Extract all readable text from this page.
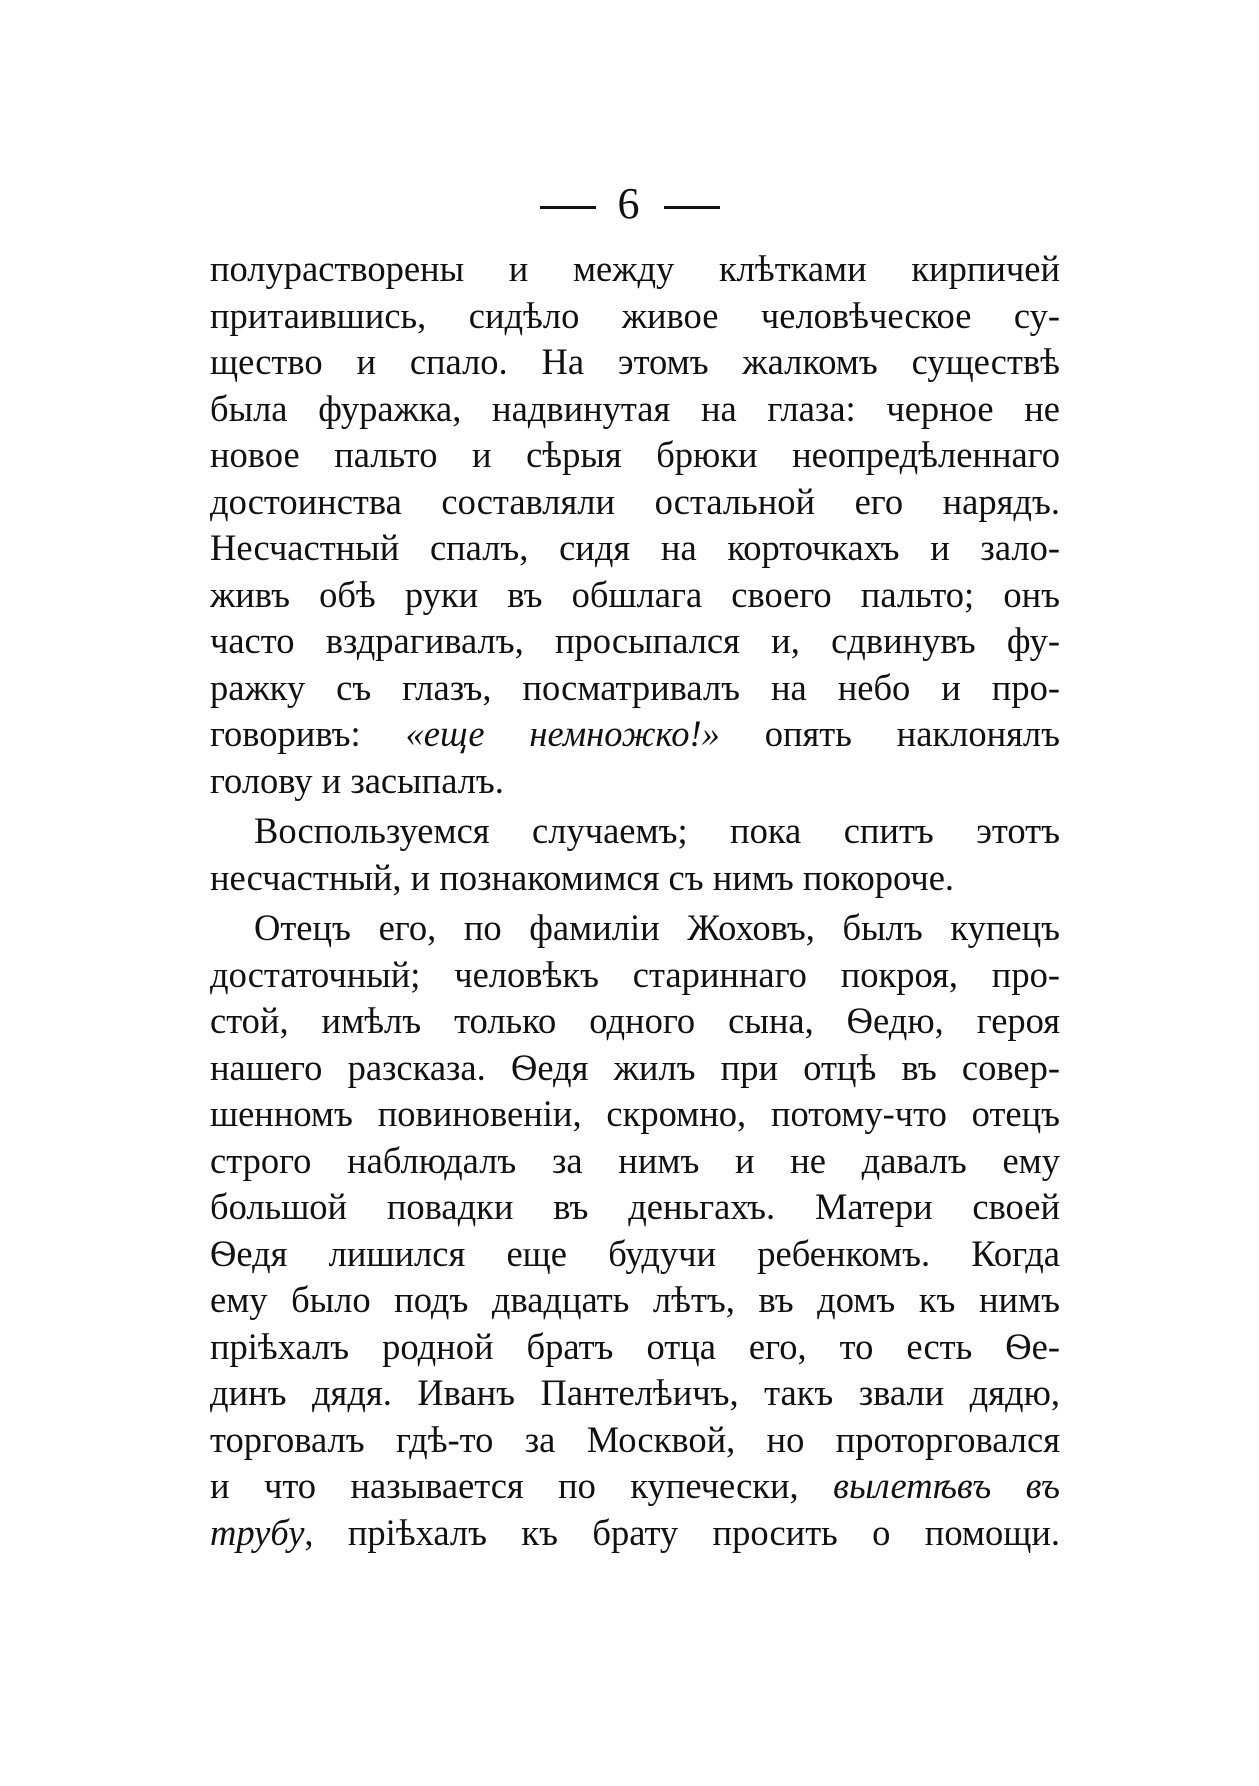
6
полурастворены и между клѣтками кирпичей
притаившись, сидѣло живое человѣческое су-
щество и спало. На этомъ жалкомъ существѣ
была фуражка, надвинутая на глаза: черное не
новое пальто и сѣрыя брюки неопредѣленнаго
достоинства составляли остальной его нарядъ.
Несчастный спалъ, сидя на корточкахъ и зало-
живъ обѣ руки въ обшлага своего пальто; онъ
часто вздрагивалъ, просыпался и, сдвинувъ фу-
ражку съ глазъ, посматривалъ на небо и про-
говоривъ: «еще немножко!» опять наклонялъ
голову и засыпалъ.
Воспользуемся случаемъ; пока спитъ этотъ
несчастный, и познакомимся съ нимъ покороче.
Отецъ его, по фамиліи Жоховъ, былъ купецъ
достаточный; человѣкъ стариннаго покроя, про-
стой, имѣлъ только одного сына, Ѳедю, героя
нашего разсказа. Ѳедя жилъ при отцѣ въ совер-
шенномъ повиновеніи, скромно, потому-что отецъ
строго наблюдалъ за нимъ и не давалъ ему
большой повадки въ деньгахъ. Матери своей
Ѳедя лишился еще будучи ребенкомъ. Когда
ему было подъ двадцать лѣтъ, въ домъ къ нимъ
пріѣхалъ родной братъ отца его, то есть Ѳе-
динъ дядя. Иванъ Пантелѣичъ, такъ звали дядю,
торговалъ гдѣ-то за Москвой, но проторговался
и что называется по купечески, вылетѣвъ въ
трубу, пріѣхалъ къ брату просить о помощи.
